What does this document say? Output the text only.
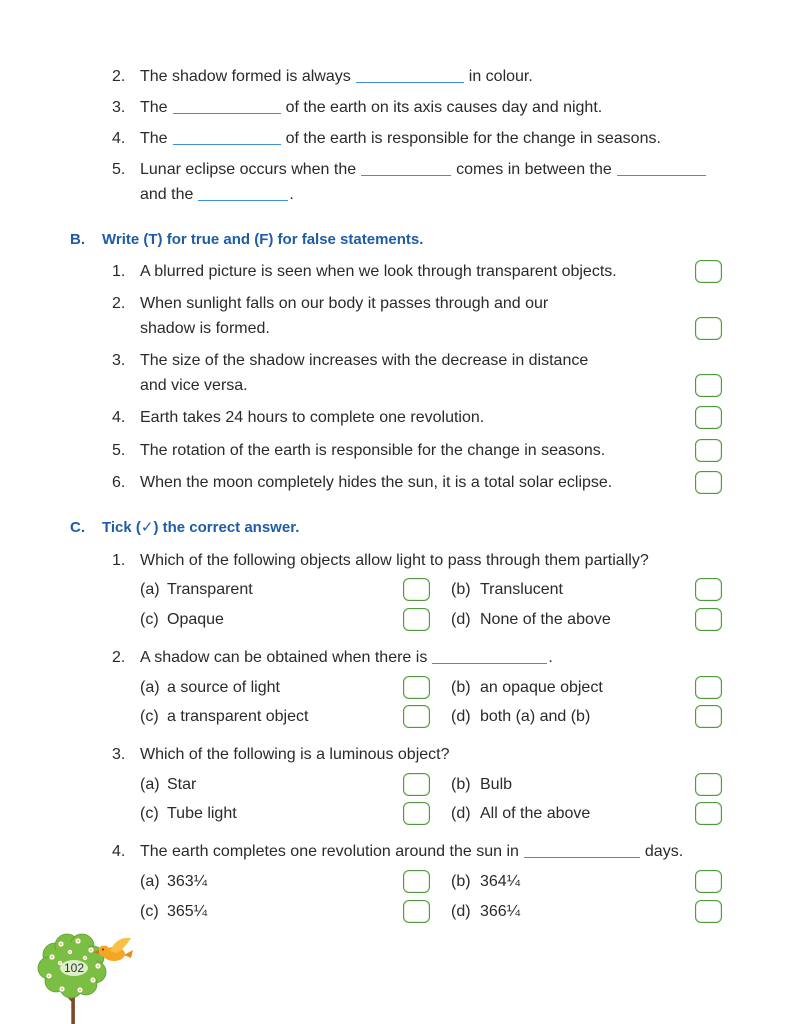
2. The shadow formed is always	in colour.
3. The	of the earth on its axis causes day and night.
4. The	of the earth is responsible for the change in seasons.
5. Lunar eclipse occurs when the	comes in between the
and the	.
B. Write (T) for true and (F) for false statements.
1. A blurred picture is seen when we look through transparent objects.
2. When sunlight falls on our body it passes through and our
shadow is formed.
3. The size of the shadow increases with the decrease in distance
and vice versa.
4. Earth takes 24 hours to complete one revolution.
5. The rotation of the earth is responsible for the change in seasons.
6. When the moon completely hides the sun, it is a total solar eclipse.
C. Tick (✓) the correct answer.
1. Which of the following objects allow light to pass through them partially?
(a) Transparent	(b) Translucent
(c) Opaque	(d) None of the above
2. A shadow can be obtained when there is	.
(a) a source of light	(b) an opaque object
(c) a transparent object	(d) both (a) and (b)
3. Which of the following is a luminous object?
(a) Star	(b) Bulb
(c) Tube light	(d) All of the above
4. The earth completes one revolution around the sun in	days.
(a) 363¼	(b) 364¼
(c) 365¼	(d) 366¼
102
